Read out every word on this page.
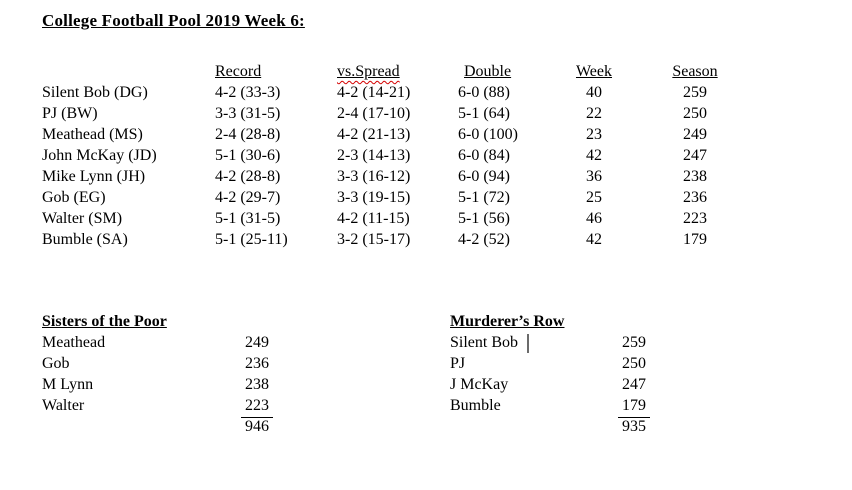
College Football Pool 2019 Week 6:
Record	vs.Spread	Double	Week	Season
Silent Bob (DG)	4-2 (33-3)	4-2 (14-21)	6-0 (88)	40	259
PJ (BW)	3-3 (31-5)	2-4 (17-10)	5-1 (64)	22	250
Meathead (MS)	2-4 (28-8)	4-2 (21-13)	6-0 (100)	23	249
John McKay (JD)	5-1 (30-6)	2-3 (14-13)	6-0 (84)	42	247
Mike Lynn (JH)	4-2 (28-8)	3-3 (16-12)	6-0 (94)	36	238
Gob (EG)	4-2 (29-7)	3-3 (19-15)	5-1 (72)	25	236
Walter (SM)	5-1 (31-5)	4-2 (11-15)	5-1 (56)	46	223
Bumble (SA)	5-1 (25-11)	3-2 (15-17)	4-2 (52)	42	179
Sisters of the Poor
Meathead	249
Gob	236
M Lynn	238
Walter	223
946
Murderer’s Row
Silent Bob	259
PJ	250
J McKay	247
Bumble	179
935
